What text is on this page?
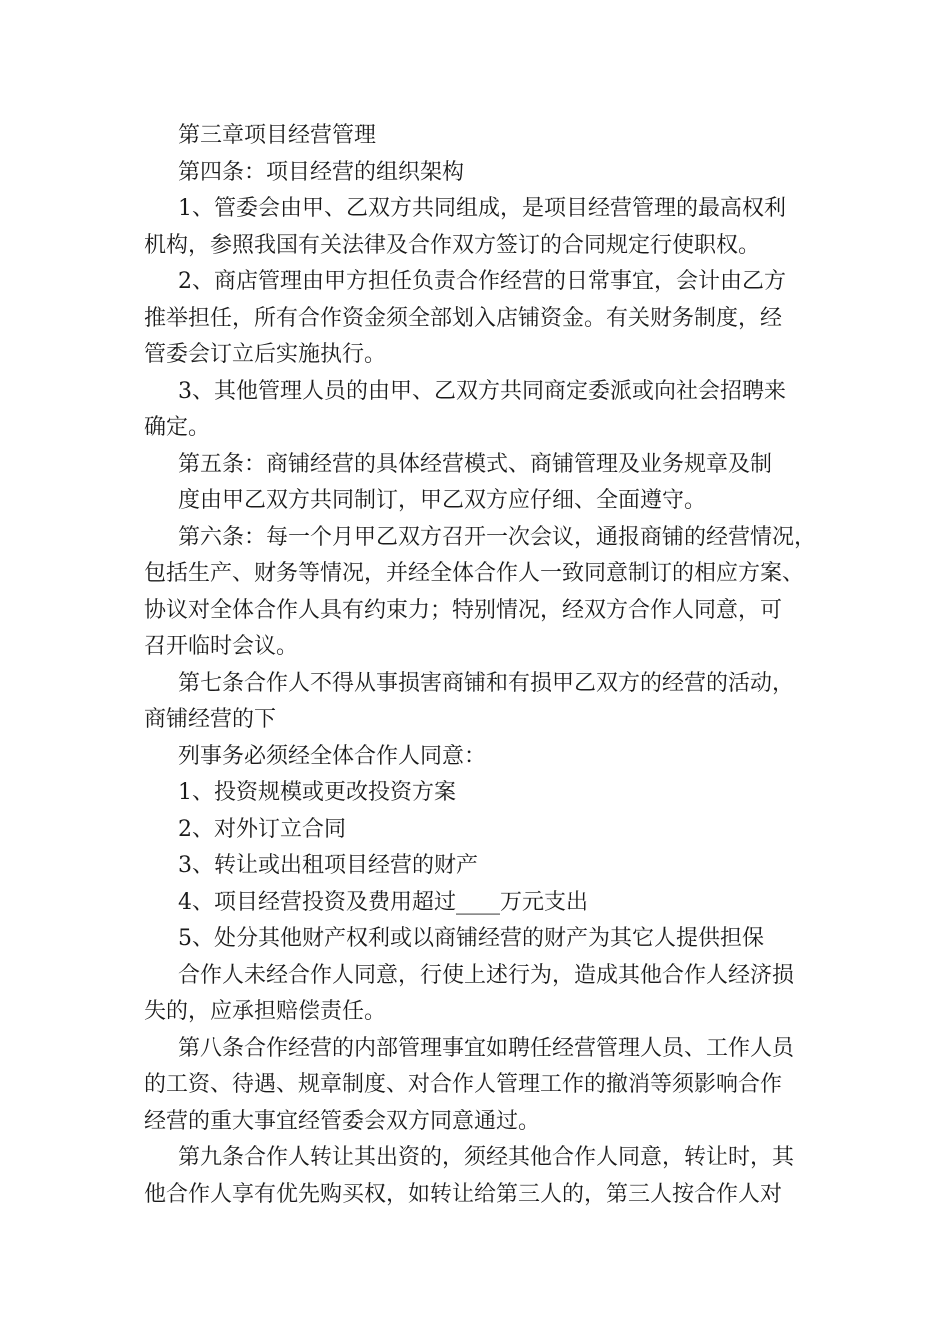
第三章项目经营管理
第四条：项目经营的组织架构
1、管委会由甲、乙双方共同组成，是项目经营管理的最高权利
机构，参照我国有关法律及合作双方签订的合同规定行使职权。
2、商店管理由甲方担任负责合作经营的日常事宜，会计由乙方
推举担任，所有合作资金须全部划入店铺资金。有关财务制度，经
管委会订立后实施执行。
3、其他管理人员的由甲、乙双方共同商定委派或向社会招聘来
确定。
第五条：商铺经营的具体经营模式、商铺管理及业务规章及制
度由甲乙双方共同制订，甲乙双方应仔细、全面遵守。
第六条：每一个月甲乙双方召开一次会议，通报商铺的经营情况，
包括生产、财务等情况，并经全体合作人一致同意制订的相应方案、
协议对全体合作人具有约束力；特别情况，经双方合作人同意，可
召开临时会议。
第七条合作人不得从事损害商铺和有损甲乙双方的经营的活动，
商铺经营的下
列事务必须经全体合作人同意：
1、投资规模或更改投资方案
2、对外订立合同
3、转让或出租项目经营的财产
4、项目经营投资及费用超过____万元支出
5、处分其他财产权利或以商铺经营的财产为其它人提供担保
合作人未经合作人同意，行使上述行为，造成其他合作人经济损
失的，应承担赔偿责任。
第八条合作经营的内部管理事宜如聘任经营管理人员、工作人员
的工资、待遇、规章制度、对合作人管理工作的撤消等须影响合作
经营的重大事宜经管委会双方同意通过。
第九条合作人转让其出资的，须经其他合作人同意，转让时，其
他合作人享有优先购买权，如转让给第三人的，第三人按合作人对
